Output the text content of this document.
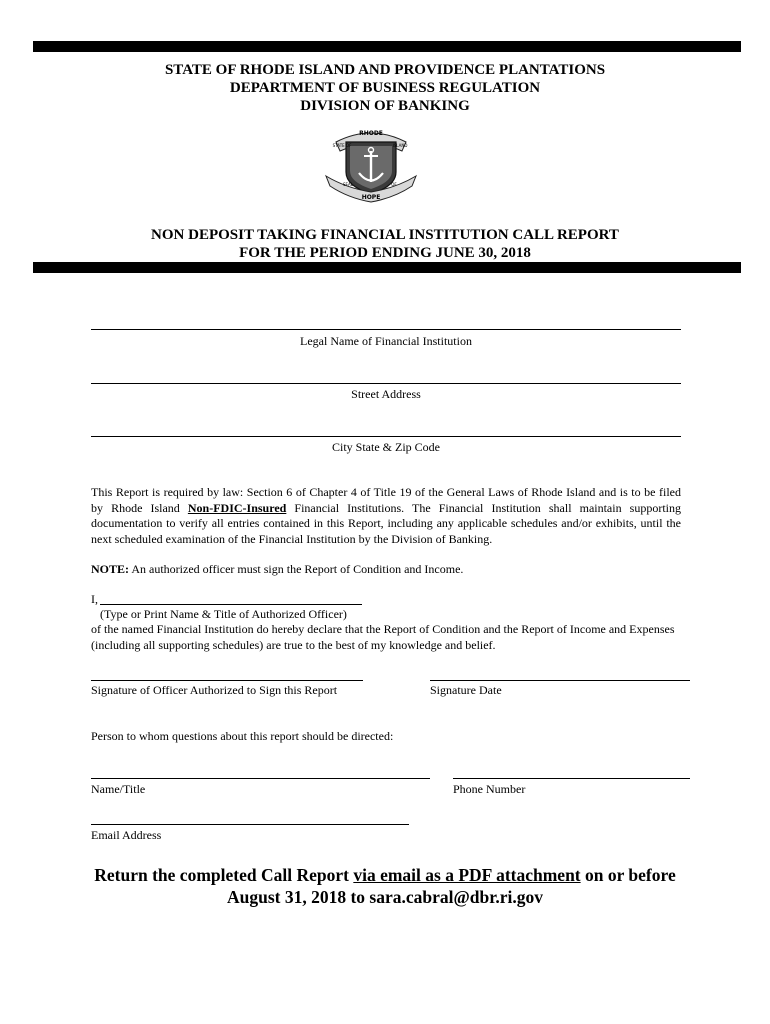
STATE OF RHODE ISLAND AND PROVIDENCE PLANTATIONS
DEPARTMENT OF BUSINESS REGULATION
DIVISION OF BANKING
RHODE
STATE OF	ISLAND
SEAL	OF
HOPE
NON DEPOSIT TAKING FINANCIAL INSTITUTION CALL REPORT
FOR THE PERIOD ENDING JUNE 30, 2018
Legal Name of Financial Institution
Street Address
City State & Zip Code
This Report is required by law: Section 6 of Chapter 4 of Title 19 of the General Laws of Rhode Island and is to be filed by Rhode Island Non-FDIC-Insured Financial Institutions. The Financial Institution shall maintain supporting documentation to verify all entries contained in this Report, including any applicable schedules and/or exhibits, until the next scheduled examination of the Financial Institution by the Division of Banking.
NOTE: An authorized officer must sign the Report of Condition and Income.
I,
(Type or Print Name & Title of Authorized Officer)
of the named Financial Institution do hereby declare that the Report of Condition and the Report of Income and Expenses (including all supporting schedules) are true to the best of my knowledge and belief.
Signature of Officer Authorized to Sign this Report	Signature Date
Person to whom questions about this report should be directed:
Name/Title	Phone Number
Email Address
Return the completed Call Report via email as a PDF attachment on or before
August 31, 2018 to sara.cabral@dbr.ri.gov
